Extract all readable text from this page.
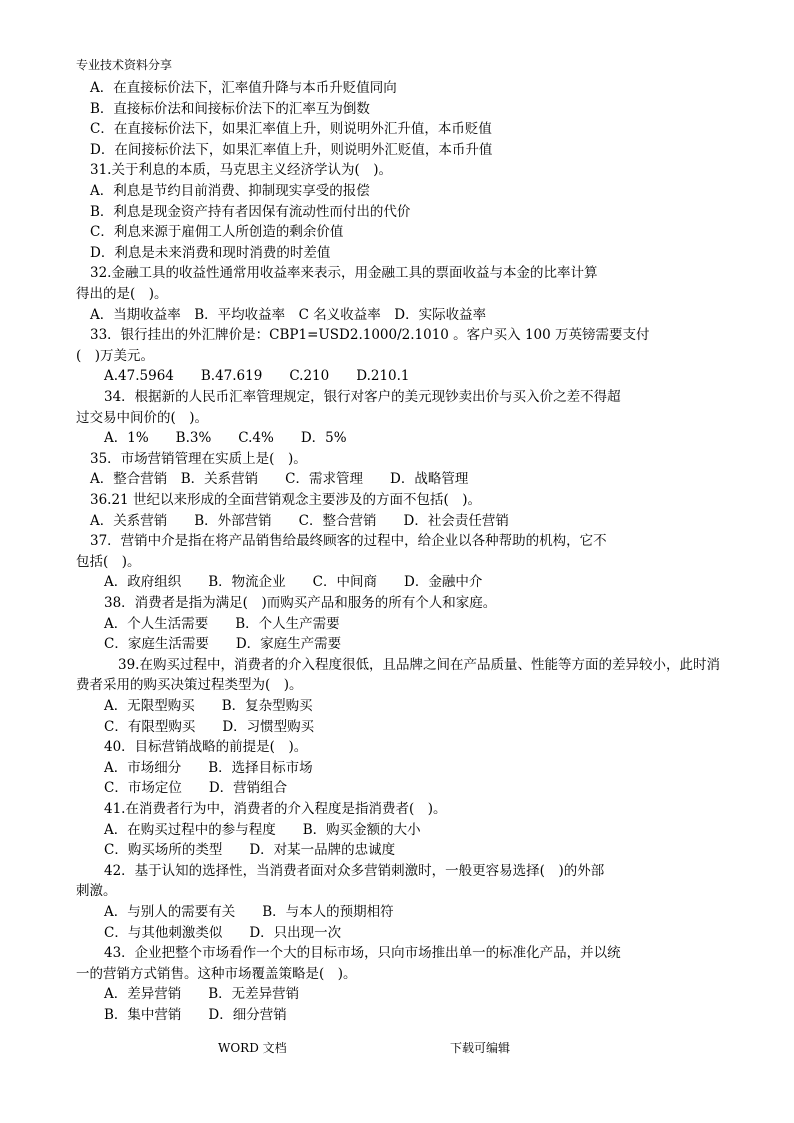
专业技术资料分享
A．在直接标价法下，汇率值升降与本币升贬值同向
B．直接标价法和间接标价法下的汇率互为倒数
C．在直接标价法下，如果汇率值上升，则说明外汇升值，本币贬值
D．在间接标价法下，如果汇率值上升，则说明外汇贬值，本币升值
31.关于利息的本质，马克思主义经济学认为(　)。
A．利息是节约目前消费、抑制现实享受的报偿
B．利息是现金资产持有者因保有流动性而付出的代价
C．利息来源于雇佣工人所创造的剩余价值
D．利息是未来消费和现时消费的时差值
32.金融工具的收益性通常用收益率来表示，用金融工具的票面收益与本金的比率计算
得出的是(　)。
A．当期收益率　B．平均收益率　C 名义收益率　D．实际收益率
33．银行挂出的外汇牌价是：CBP1=USD2.1000/2.1010 。客户买入 100 万英镑需要支付
(　)万美元。
A.47.5964　　B.47.619　　C.210　　D.210.1
34．根据新的人民币汇率管理规定，银行对客户的美元现钞卖出价与买入价之差不得超
过交易中间价的(　)。
A．1%　　B.3%　　C.4%　　D．5%
35．市场营销管理在实质上是(　)。
A．整合营销　B．关系营销　　C．需求管理　　D．战略管理
36.21 世纪以来形成的全面营销观念主要涉及的方面不包括(　)。
A．关系营销　　B．外部营销　　C．整合营销　　D．社会责任营销
37．营销中介是指在将产品销售给最终顾客的过程中，给企业以各种帮助的机构，它不
包括(　)。
A．政府组织　　B．物流企业　　C．中间商　　D．金融中介
38．消费者是指为满足(　)而购买产品和服务的所有个人和家庭。
A．个人生活需要　　B．个人生产需要
C．家庭生活需要　　D．家庭生产需要
39.在购买过程中，消费者的介入程度很低，且品牌之间在产品质量、性能等方面的差异较小，此时消
费者采用的购买决策过程类型为(　)。
A．无限型购买　　B．复杂型购买
C．有限型购买　　D．习惯型购买
40．目标营销战略的前提是(　)。
A．市场细分　　B．选择目标市场
C．市场定位　　D．营销组合
41.在消费者行为中，消费者的介入程度是指消费者(　)。
A．在购买过程中的参与程度　　B．购买金额的大小
C．购买场所的类型　　D．对某一品牌的忠诚度
42．基于认知的选择性，当消费者面对众多营销刺激时，一般更容易选择(　)的外部
刺激。
A．与别人的需要有关　　B．与本人的预期相符
C．与其他刺激类似　　D．只出现一次
43．企业把整个市场看作一个大的目标市场，只向市场推出单一的标准化产品，并以统
一的营销方式销售。这种市场覆盖策略是(　)。
A．差异营销　　B．无差异营销
B．集中营销　　D．细分营销
WORD 文档	下载可编辑
